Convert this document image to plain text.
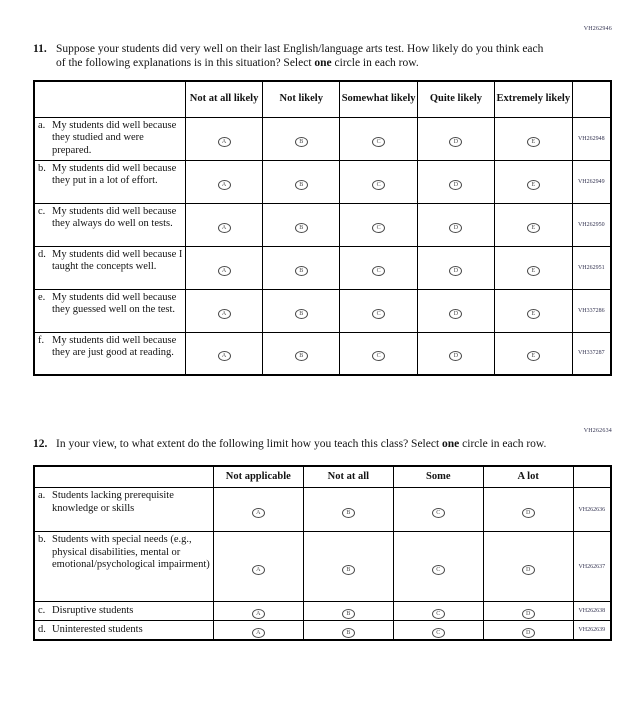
VH262946
11. Suppose your students did very well on their last English/language arts test. How likely do you think each of the following explanations is in this situation? Select one circle in each row.

	Not at all likely	Not likely	Somewhat likely	Quite likely	Extremely likely	

a. My students did well because they studied and were prepared.	A	B	C	D	E	VH262948

b. My students did well because they put in a lot of effort.	A	B	C	D	E	VH262949

c. My students did well because they always do well on tests.	A	B	C	D	E	VH262950

d. My students did well because I taught the concepts well.	A	B	C	D	E	VH262951

e. My students did well because they guessed well on the test.	A	B	C	D	E	VH337286

f. My students did well because they are just good at reading.	A	B	C	D	E	VH337287
VH262634
12. In your view, to what extent do the following limit how you teach this class? Select one circle in each row.

	Not applicable	Not at all	Some	A lot	

a. Students lacking prerequisite knowledge or skills	A	B	C	D	VH262636

b. Students with special needs (e.g., physical disabilities, mental or emotional/psychological impairment)	A	B	C	D	VH262637

c. Disruptive students	A	B	C	D	VH262638

d. Uninterested students	A	B	C	D	VH262639
